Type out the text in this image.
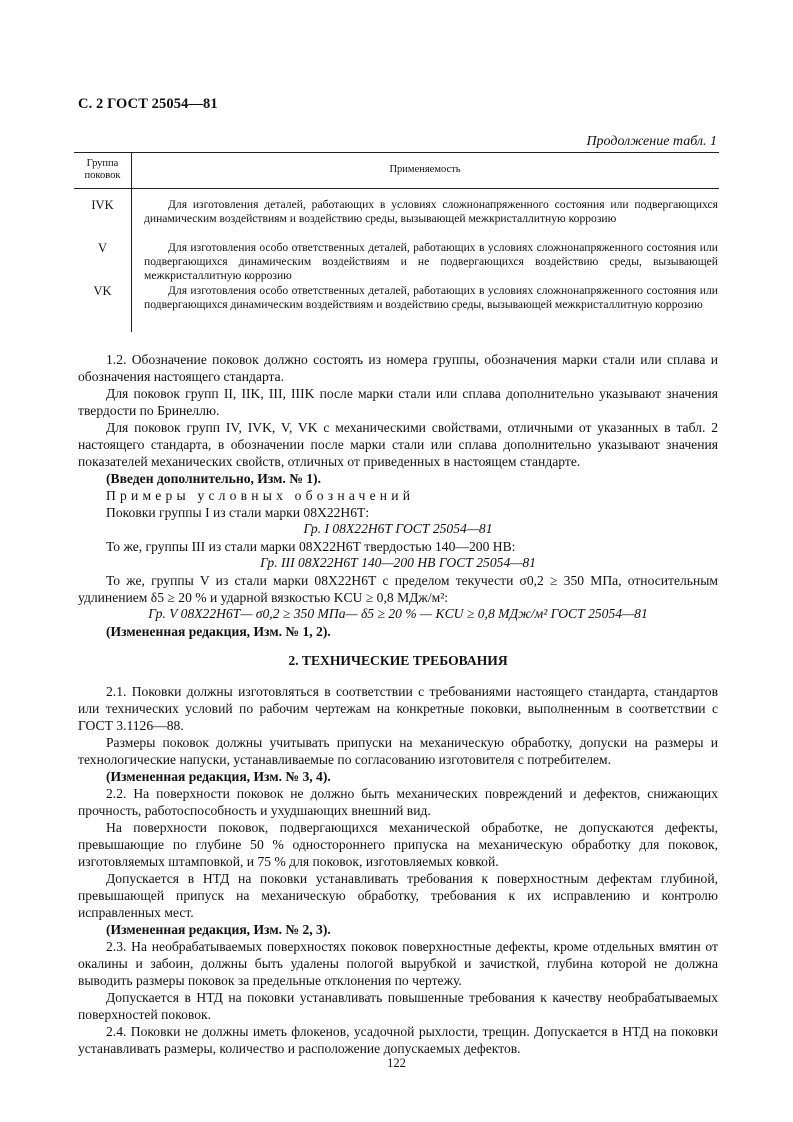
С. 2 ГОСТ 25054—81
Продолжение табл. 1
Группа поковок
Применяемость
IVK	Для изготовления деталей, работающих в условиях сложнонапряженного состояния или подвергающихся динамическим воздействиям и воздействию среды, вызывающей межкристаллитную коррозию
V	Для изготовления особо ответственных деталей, работающих в условиях сложнонапряженного состояния или подвергающихся динамическим воздействиям и не подвергающихся воздействию среды, вызывающей межкристаллитную коррозию
VK	Для изготовления особо ответственных деталей, работающих в условиях сложнонапряженного состояния или подвергающихся динамическим воздействиям и воздействию среды, вызывающей межкристаллитную коррозию
1.2. Обозначение поковок должно состоять из номера группы, обозначения марки стали или сплава и обозначения настоящего стандарта.
Для поковок групп II, IIK, III, IIIK после марки стали или сплава дополнительно указывают значения твердости по Бринеллю.
Для поковок групп IV, IVK, V, VK с механическими свойствами, отличными от указанных в табл. 2 настоящего стандарта, в обозначении после марки стали или сплава дополнительно указывают значения показателей механических свойств, отличных от приведенных в настоящем стандарте.
(Введен дополнительно, Изм. № 1).
Примеры условных обозначений
Поковки группы I из стали марки 08Х22Н6Т:
Гр. I 08Х22Н6Т ГОСТ 25054—81
То же, группы III из стали марки 08Х22Н6Т твердостью 140—200 НВ:
Гр. III 08Х22Н6Т 140—200 НВ ГОСТ 25054—81
То же, группы V из стали марки 08Х22Н6Т с пределом текучести σ0,2 ≥ 350 МПа, относительным удлинением δ5 ≥ 20 % и ударной вязкостью KCU ≥ 0,8 МДж/м²:
Гр. V 08Х22Н6Т— σ0,2 ≥ 350 МПа— δ5 ≥ 20 % — KCU ≥ 0,8 МДж/м² ГОСТ 25054—81
(Измененная редакция, Изм. № 1, 2).
2. ТЕХНИЧЕСКИЕ ТРЕБОВАНИЯ
2.1. Поковки должны изготовляться в соответствии с требованиями настоящего стандарта, стандартов или технических условий по рабочим чертежам на конкретные поковки, выполненным в соответствии с ГОСТ 3.1126—88.
Размеры поковок должны учитывать припуски на механическую обработку, допуски на размеры и технологические напуски, устанавливаемые по согласованию изготовителя с потребителем.
(Измененная редакция, Изм. № 3, 4).
2.2. На поверхности поковок не должно быть механических повреждений и дефектов, снижающих прочность, работоспособность и ухудшающих внешний вид.
На поверхности поковок, подвергающихся механической обработке, не допускаются дефекты, превышающие по глубине 50 % одностороннего припуска на механическую обработку для поковок, изготовляемых штамповкой, и 75 % для поковок, изготовляемых ковкой.
Допускается в НТД на поковки устанавливать требования к поверхностным дефектам глубиной, превышающей припуск на механическую обработку, требования к их исправлению и контролю исправленных мест.
(Измененная редакция, Изм. № 2, 3).
2.3. На необрабатываемых поверхностях поковок поверхностные дефекты, кроме отдельных вмятин от окалины и забоин, должны быть удалены пологой вырубкой и зачисткой, глубина которой не должна выводить размеры поковок за предельные отклонения по чертежу.
Допускается в НТД на поковки устанавливать повышенные требования к качеству необрабатываемых поверхностей поковок.
2.4. Поковки не должны иметь флокенов, усадочной рыхлости, трещин. Допускается в НТД на поковки устанавливать размеры, количество и расположение допускаемых дефектов.
122
